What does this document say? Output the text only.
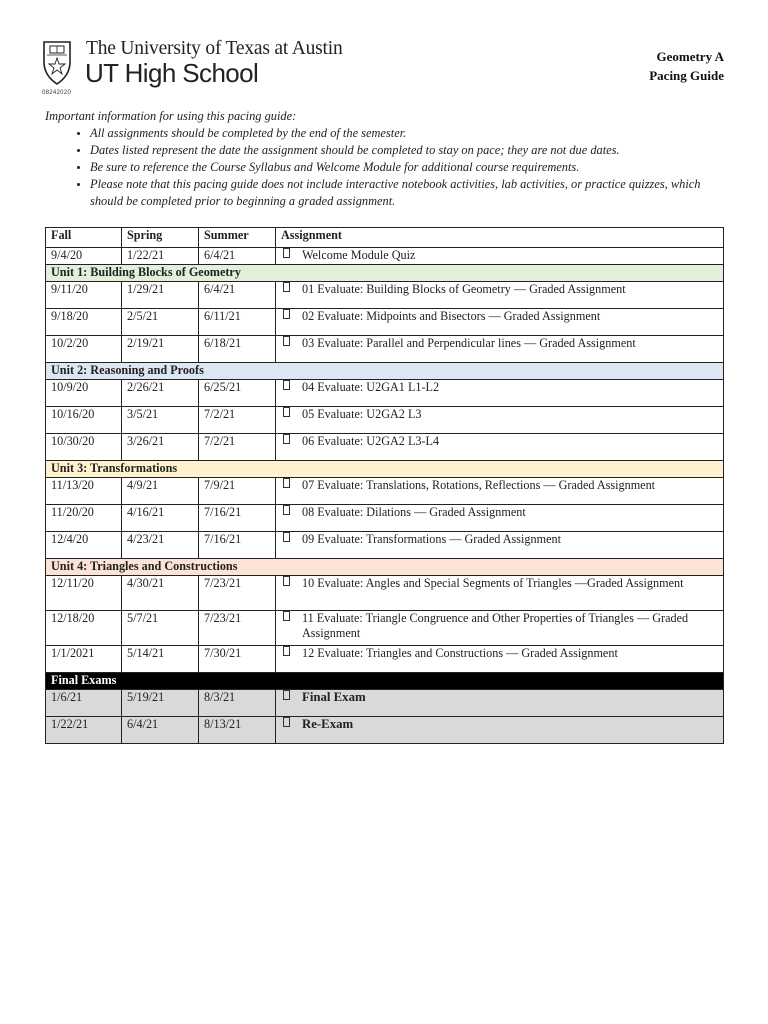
The University of Texas at Austin
UT High School
08242020
Geometry A
Pacing Guide
Important information for using this pacing guide:
• All assignments should be completed by the end of the semester.
• Dates listed represent the date the assignment should be completed to stay on pace; they are not due dates.
• Be sure to reference the Course Syllabus and Welcome Module for additional course requirements.
• Please note that this pacing guide does not include interactive notebook activities, lab activities, or practice quizzes, which should be completed prior to beginning a graded assignment.
Fall	Spring	Summer	Assignment
9/4/20	1/22/21	6/4/21	Welcome Module Quiz

Unit 1: Building Blocks of Geometry			
9/11/20	1/29/21	6/4/21	01 Evaluate: Building Blocks of Geometry — Graded Assignment

9/18/20	2/5/21	6/11/21	02 Evaluate: Midpoints and Bisectors — Graded Assignment

10/2/20	2/19/21	6/18/21	03 Evaluate: Parallel and Perpendicular lines — Graded Assignment

Unit 2: Reasoning and Proofs			
10/9/20	2/26/21	6/25/21	04 Evaluate: U2GA1 L1-L2

10/16/20	3/5/21	7/2/21	05 Evaluate: U2GA2 L3

10/30/20	3/26/21	7/2/21	06 Evaluate: U2GA2 L3-L4

Unit 3: Transformations			
11/13/20	4/9/21	7/9/21	07 Evaluate: Translations, Rotations, Reflections — Graded Assignment

11/20/20	4/16/21	7/16/21	08 Evaluate: Dilations — Graded Assignment

12/4/20	4/23/21	7/16/21	09 Evaluate: Transformations — Graded Assignment

Unit 4: Triangles and Constructions			
12/11/20	4/30/21	7/23/21	10 Evaluate: Angles and Special Segments of Triangles —Graded Assignment

12/18/20	5/7/21	7/23/21	11 Evaluate: Triangle Congruence and Other Properties of Triangles — Graded Assignment

1/1/2021	5/14/21	7/30/21	12 Evaluate: Triangles and Constructions — Graded Assignment

Final Exams			
1/6/21	5/19/21	8/3/21	Final Exam

1/22/21	6/4/21	8/13/21	Re-Exam
